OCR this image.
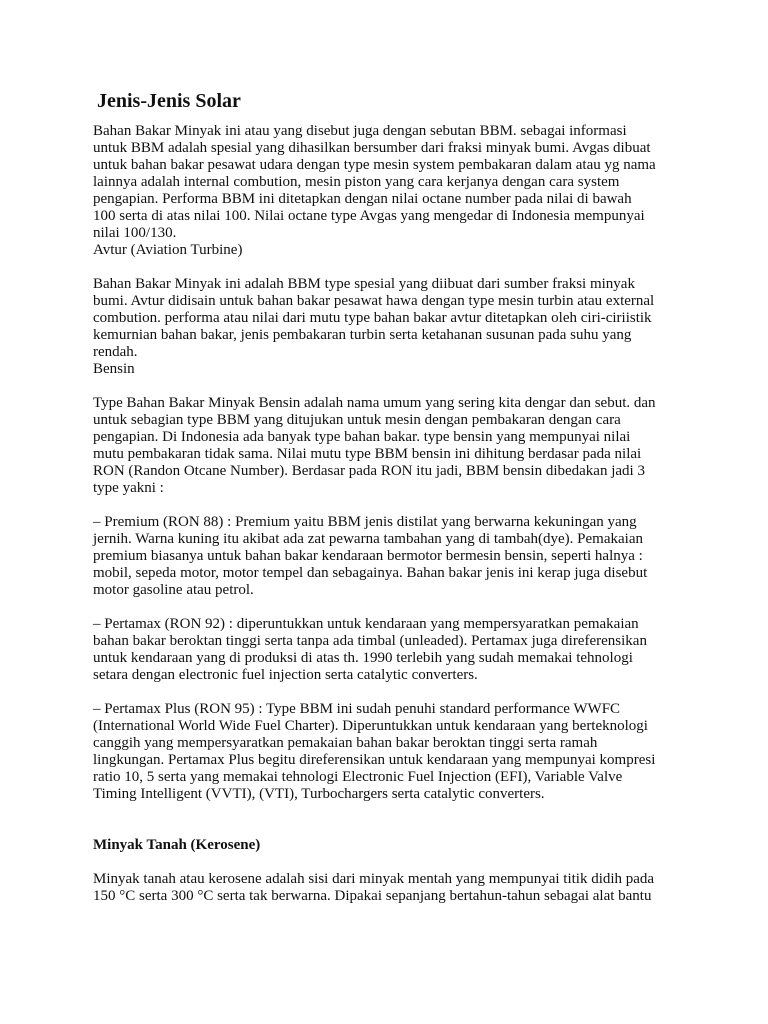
Jenis-Jenis Solar

Bahan Bakar Minyak ini atau yang disebut juga dengan sebutan BBM. sebagai informasi
untuk BBM adalah spesial yang dihasilkan bersumber dari fraksi minyak bumi. Avgas dibuat
untuk bahan bakar pesawat udara dengan type mesin system pembakaran dalam atau yg nama
lainnya adalah internal combution, mesin piston yang cara kerjanya dengan cara system
pengapian. Performa BBM ini ditetapkan dengan nilai octane number pada nilai di bawah
100 serta di atas nilai 100. Nilai octane type Avgas yang mengedar di Indonesia mempunyai
nilai 100/130.
Avtur (Aviation Turbine)

Bahan Bakar Minyak ini adalah BBM type spesial yang diibuat dari sumber fraksi minyak
bumi. Avtur didisain untuk bahan bakar pesawat hawa dengan type mesin turbin atau external
combution. performa atau nilai dari mutu type bahan bakar avtur ditetapkan oleh ciri-ciriistik
kemurnian bahan bakar, jenis pembakaran turbin serta ketahanan susunan pada suhu yang
rendah.
Bensin

Type Bahan Bakar Minyak Bensin adalah nama umum yang sering kita dengar dan sebut. dan
untuk sebagian type BBM yang ditujukan untuk mesin dengan pembakaran dengan cara
pengapian. Di Indonesia ada banyak type bahan bakar. type bensin yang mempunyai nilai
mutu pembakaran tidak sama. Nilai mutu type BBM bensin ini dihitung berdasar pada nilai
RON (Randon Otcane Number). Berdasar pada RON itu jadi, BBM bensin dibedakan jadi 3
type yakni :

– Premium (RON 88) : Premium yaitu BBM jenis distilat yang berwarna kekuningan yang
jernih. Warna kuning itu akibat ada zat pewarna tambahan yang di tambah(dye). Pemakaian
premium biasanya untuk bahan bakar kendaraan bermotor bermesin bensin, seperti halnya :
mobil, sepeda motor, motor tempel dan sebagainya. Bahan bakar jenis ini kerap juga disebut
motor gasoline atau petrol.

– Pertamax (RON 92) : diperuntukkan untuk kendaraan yang mempersyaratkan pemakaian
bahan bakar beroktan tinggi serta tanpa ada timbal (unleaded). Pertamax juga direferensikan
untuk kendaraan yang di produksi di atas th. 1990 terlebih yang sudah memakai tehnologi
setara dengan electronic fuel injection serta catalytic converters.

– Pertamax Plus (RON 95) : Type BBM ini sudah penuhi standard performance WWFC
(International World Wide Fuel Charter). Diperuntukkan untuk kendaraan yang berteknologi
canggih yang mempersyaratkan pemakaian bahan bakar beroktan tinggi serta ramah
lingkungan. Pertamax Plus begitu direferensikan untuk kendaraan yang mempunyai kompresi
ratio 10, 5 serta yang memakai tehnologi Electronic Fuel Injection (EFI), Variable Valve
Timing Intelligent (VVTI), (VTI), Turbochargers serta catalytic converters.

Minyak Tanah (Kerosene)

Minyak tanah atau kerosene adalah sisi dari minyak mentah yang mempunyai titik didih pada
150 °C serta 300 °C serta tak berwarna. Dipakai sepanjang bertahun-tahun sebagai alat bantu
